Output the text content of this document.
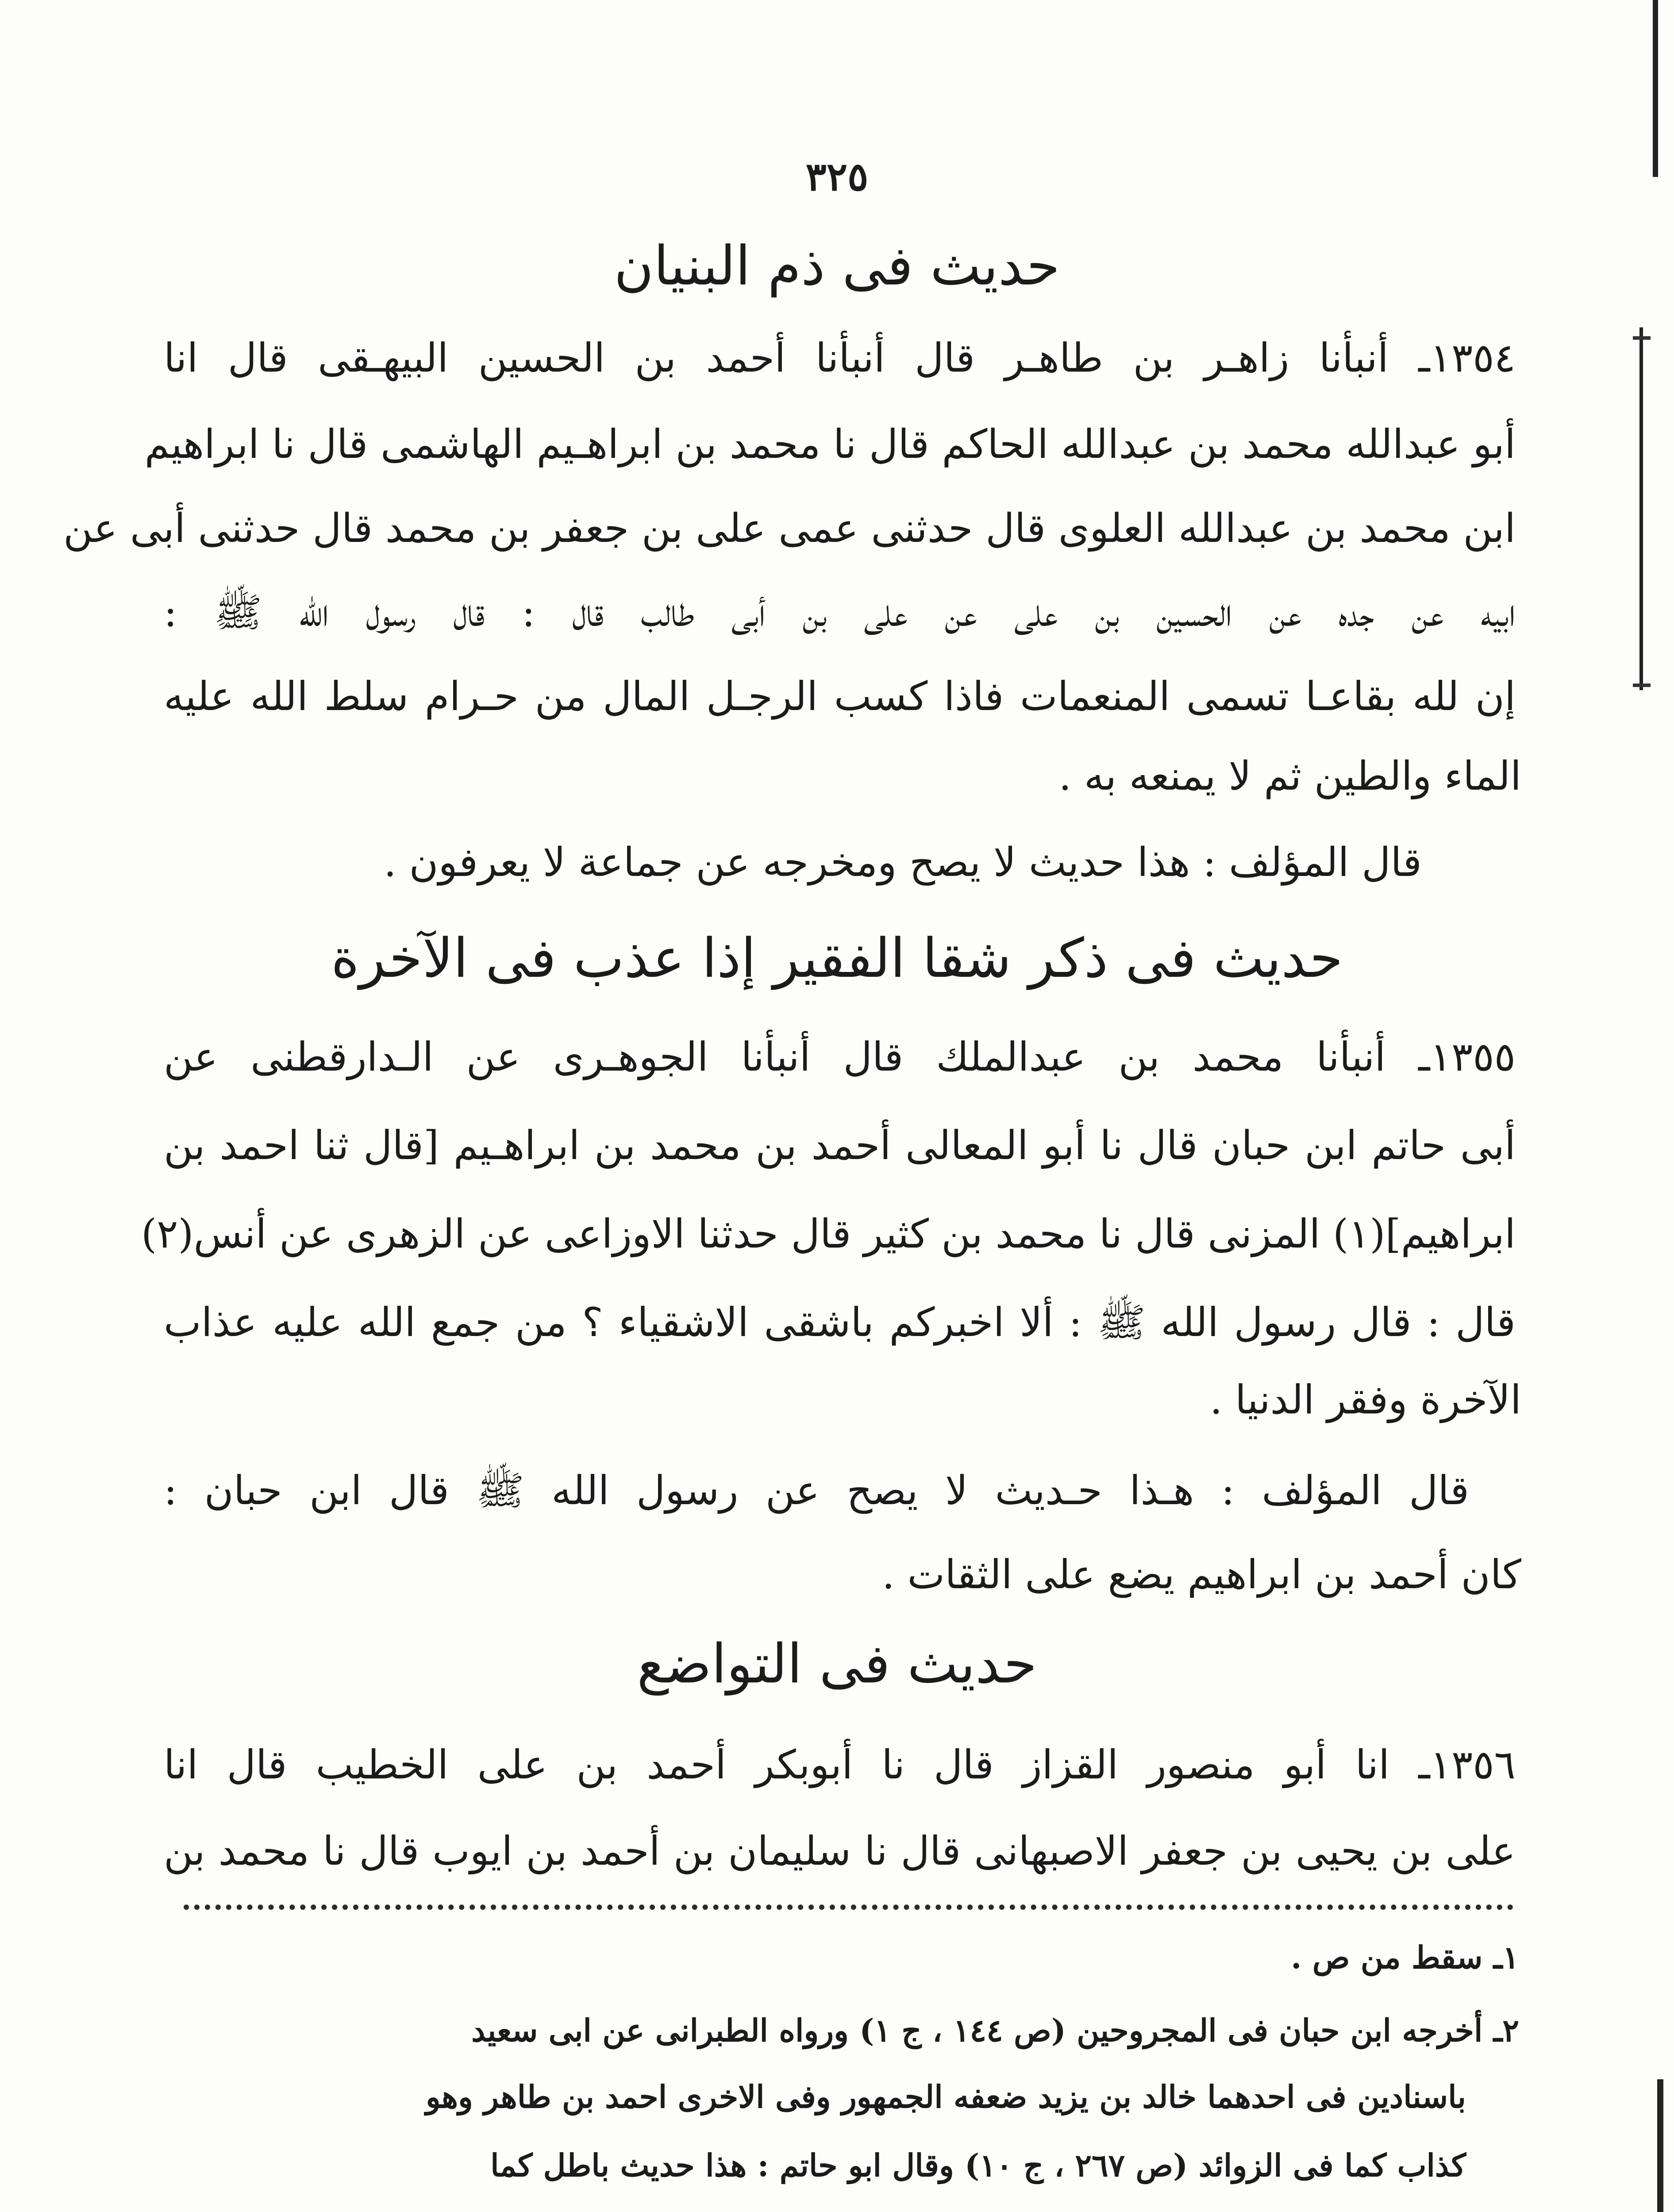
٣٢٥
حديث فى ذم البنيان
١٣٥٤ـ أنبأنا زاهـر بن طاهـر قال أنبأنا أحمد بن الحسين البيهـقى قال انا
أبو عبدالله محمد بن عبدالله الحاكم قال نا محمد بن ابراهـيم الهاشمى قال نا ابراهيم
ابن محمد بن عبدالله العلوى قال حدثنى عمى على بن جعفر بن محمد قال حدثنى أبى عن
ابيه عن جده عن الحسين بن على عن على بن أبى طالب قال : قال رسول الله ﷺ :
إن لله بقاعـا تسمى المنعمات فاذا كسب الرجـل المال من حـرام سلط الله عليه
الماء والطين ثم لا يمنعه به .
قال المؤلف : هذا حديث لا يصح ومخرجه عن جماعة لا يعرفون .
حديث فى ذكر شقا الفقير إذا عذب فى الآخرة
١٣٥٥ـ أنبأنا محمد بن عبدالملك قال أنبأنا الجوهـرى عن الـدارقطنى عن
أبى حاتم ابن حبان قال نا أبو المعالى أحمد بن محمد بن ابراهـيم [قال ثنا احمد بن
ابراهيم](١) المزنى قال نا محمد بن كثير قال حدثنا الاوزاعى عن الزهرى عن أنس(٢)
قال : قال رسول الله ﷺ : ألا اخبركم باشقى الاشقياء ؟ من جمع الله عليه عذاب
الآخرة وفقر الدنيا .
قال المؤلف : هـذا حـديث لا يصح عن رسول الله ﷺ قال ابن حبان :
كان أحمد بن ابراهيم يضع على الثقات .
حديث فى التواضع
١٣٥٦ـ انا أبو منصور القزاز قال نا أبوبكر أحمد بن على الخطيب قال انا
على بن يحيى بن جعفر الاصبهانى قال نا سليمان بن أحمد بن ايوب قال نا محمد بن
١ـ سقط من ص .
٢ـ أخرجه ابن حبان فى المجروحين (ص ١٤٤ ، ج ١) ورواه الطبرانى عن ابى سعيد
باسنادين فى احدهما خالد بن يزيد ضعفه الجمهور وفى الاخرى احمد بن طاهر وهو
كذاب كما فى الزوائد (ص ٢٦٧ ، ج ١٠) وقال ابو حاتم : هذا حديث باطل كما
